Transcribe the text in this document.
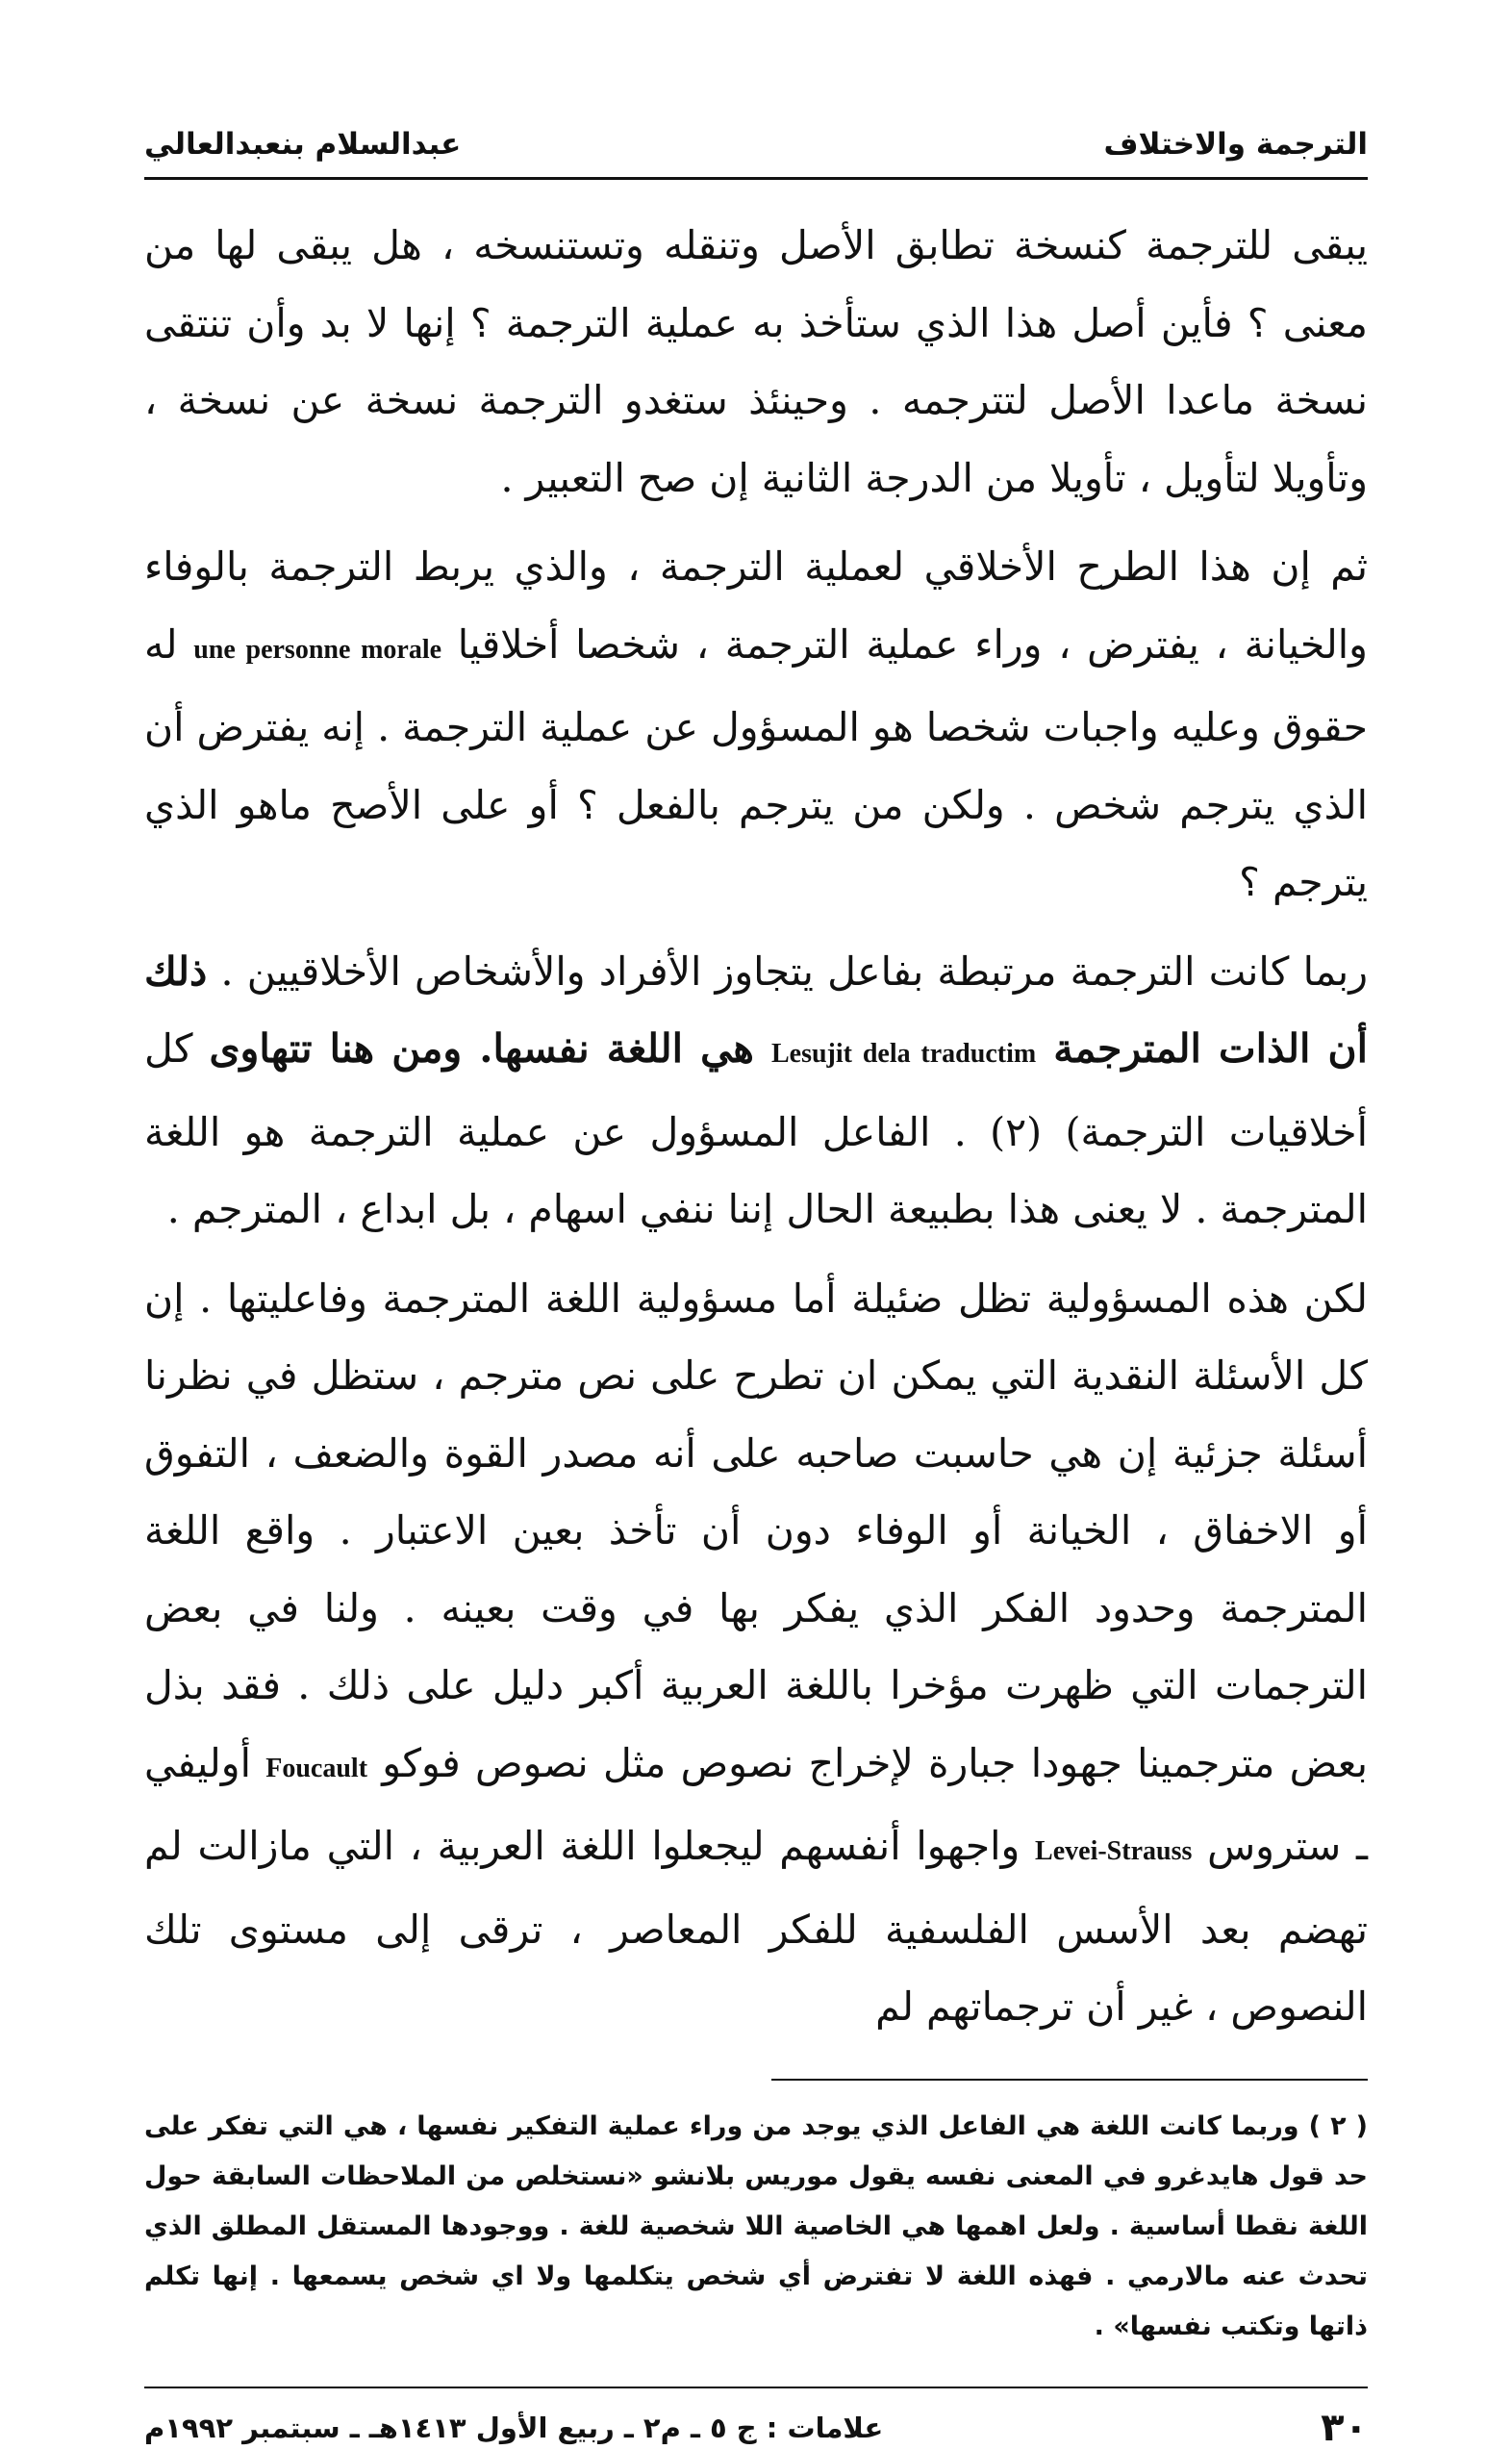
الترجمة والاختلاف
عبدالسلام بنعبدالعالي

يبقى للترجمة كنسخة تطابق الأصل وتنقله وتستنسخه ، هل يبقى لها من معنى ؟ فأين أصل هذا الذي ستأخذ به عملية الترجمة ؟ إنها لا بد وأن تنتقى نسخة ماعدا الأصل لتترجمه . وحينئذ ستغدو الترجمة نسخة عن نسخة ، وتأويلا لتأويل ، تأويلا من الدرجة الثانية إن صح التعبير .

ثم إن هذا الطرح الأخلاقي لعملية الترجمة ، والذي يربط الترجمة بالوفاء والخيانة ، يفترض ، وراء عملية الترجمة ، شخصا أخلاقيا une personne morale له حقوق وعليه واجبات شخصا هو المسؤول عن عملية الترجمة . إنه يفترض أن الذي يترجم شخص . ولكن من يترجم بالفعل ؟ أو على الأصح ماهو الذي يترجم ؟

ربما كانت الترجمة مرتبطة بفاعل يتجاوز الأفراد والأشخاص الأخلاقيين . ذلك أن الذات المترجمة Lesujit dela traductim هي اللغة نفسها. ومن هنا تتهاوى كل أخلاقيات الترجمة) (٢) . الفاعل المسؤول عن عملية الترجمة هو اللغة المترجمة . لا يعنى هذا بطبيعة الحال إننا ننفي اسهام ، بل ابداع ، المترجم .

لكن هذه المسؤولية تظل ضئيلة أما مسؤولية اللغة المترجمة وفاعليتها . إن كل الأسئلة النقدية التي يمكن ان تطرح على نص مترجم ، ستظل في نظرنا أسئلة جزئية إن هي حاسبت صاحبه على أنه مصدر القوة والضعف ، التفوق أو الاخفاق ، الخيانة أو الوفاء دون أن تأخذ بعين الاعتبار . واقع اللغة المترجمة وحدود الفكر الذي يفكر بها في وقت بعينه . ولنا في بعض الترجمات التي ظهرت مؤخرا باللغة العربية أكبر دليل على ذلك . فقد بذل بعض مترجمينا جهودا جبارة لإخراج نصوص مثل نصوص فوكو Foucault أوليفي ـ ستروس Levei-Strauss واجهوا أنفسهم ليجعلوا اللغة العربية ، التي مازالت لم تهضم بعد الأسس الفلسفية للفكر المعاصر ، ترقى إلى مستوى تلك النصوص ، غير أن ترجماتهم لم

( ٢ ) وربما كانت اللغة هي الفاعل الذي يوجد من وراء عملية التفكير نفسها ، هي التي تفكر على حد قول هايدغرو في المعنى نفسه يقول موريس بلانشو «نستخلص من الملاحظات السابقة حول اللغة نقطا أساسية . ولعل اهمها هي الخاصية اللا شخصية للغة . ووجودها المستقل المطلق الذي تحدث عنه مالارمي . فهذه اللغة لا تفترض أي شخص يتكلمها ولا اي شخص يسمعها . إنها تكلم ذاتها وتكتب نفسها» .
٣٠
علامات : ج ٥ ـ م٢ ـ ربيع الأول ١٤١٣هـ ـ سبتمبر ١٩٩٢م
